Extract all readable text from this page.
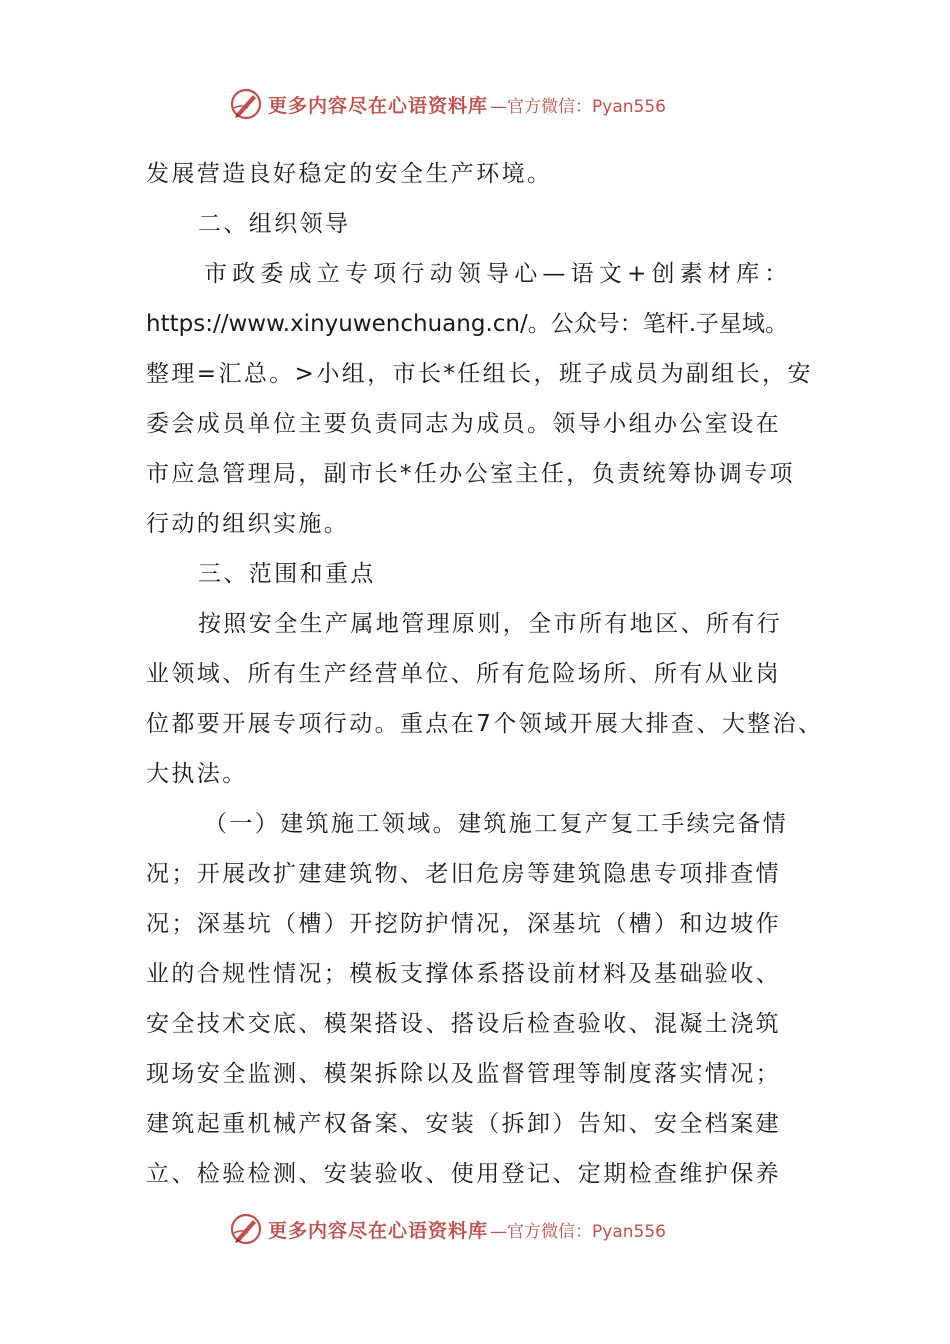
更多内容尽在心语资料库 —官方微信：Pyan556
发展营造良好稳定的安全生产环境。
二、组织领导
市政委成立专项行动领导心—语文+创素材库：
https://www.xinyuwenchuang.cn/。公众号：笔杆.子星域。
整理=汇总。>小组，市长*任组长，班子成员为副组长，安
委会成员单位主要负责同志为成员。领导小组办公室设在
市应急管理局，副市长*任办公室主任，负责统筹协调专项
行动的组织实施。
三、范围和重点
按照安全生产属地管理原则，全市所有地区、所有行
业领域、所有生产经营单位、所有危险场所、所有从业岗
位都要开展专项行动。重点在7个领域开展大排查、大整治、
大执法。
（一）建筑施工领域。建筑施工复产复工手续完备情
况；开展改扩建建筑物、老旧危房等建筑隐患专项排查情
况；深基坑（槽）开挖防护情况，深基坑（槽）和边坡作
业的合规性情况；模板支撑体系搭设前材料及基础验收、
安全技术交底、模架搭设、搭设后检查验收、混凝土浇筑
现场安全监测、模架拆除以及监督管理等制度落实情况；
建筑起重机械产权备案、安装（拆卸）告知、安全档案建
立、检验检测、安装验收、使用登记、定期检查维护保养
更多内容尽在心语资料库 —官方微信：Pyan556
